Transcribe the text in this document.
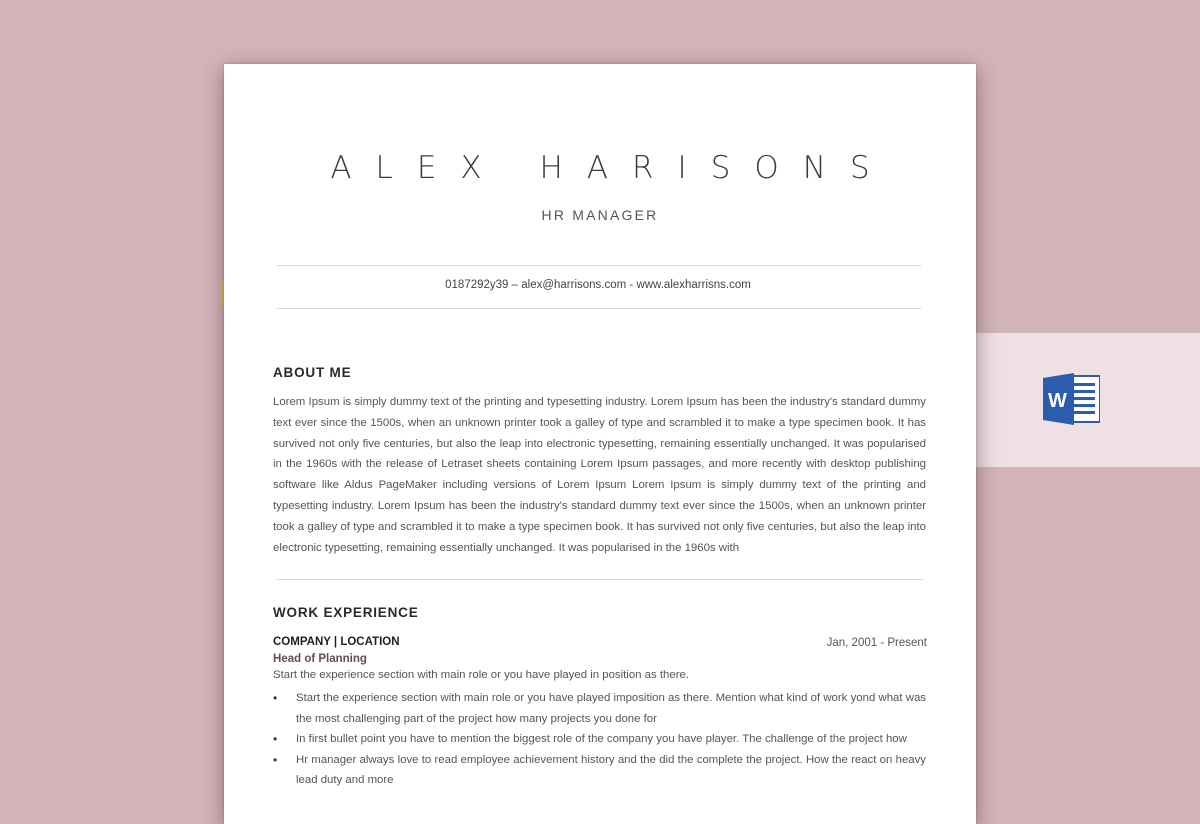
W
ALEX HARISONS
HR MANAGER
0187292y39 – alex@harrisons.com - www.alexharrisns.com
ABOUT ME

Lorem Ipsum is simply dummy text of the printing and typesetting industry. Lorem Ipsum has been the industry's standard dummy text ever since the 1500s, when an unknown printer took a galley of type and scrambled it to make a type specimen book. It has survived not only five centuries, but also the leap into electronic typesetting, remaining essentially unchanged. It was popularised in the 1960s with the release of Letraset sheets containing Lorem Ipsum passages, and more recently with desktop publishing software like Aldus PageMaker including versions of Lorem Ipsum Lorem Ipsum is simply dummy text of the printing and typesetting industry. Lorem Ipsum has been the industry's standard dummy text ever since the 1500s, when an unknown printer took a galley of type and scrambled it to make a type specimen book. It has survived not only five centuries, but also the leap into electronic typesetting, remaining essentially unchanged. It was popularised in the 1960s with

WORK EXPERIENCE
COMPANY | LOCATION	Jan, 2001 - Present
Head of Planning
Start the experience section with main role or you have played in position as there.
• Start the experience section with main role or you have played imposition as there. Mention what kind of work yond what was the most challenging part of the project how many projects you done for
• In first bullet point you have to mention the biggest role of the company you have player. The challenge of the project how
• Hr manager always love to read employee achievement history and the did the complete the project. How the react on heavy lead duty and more
